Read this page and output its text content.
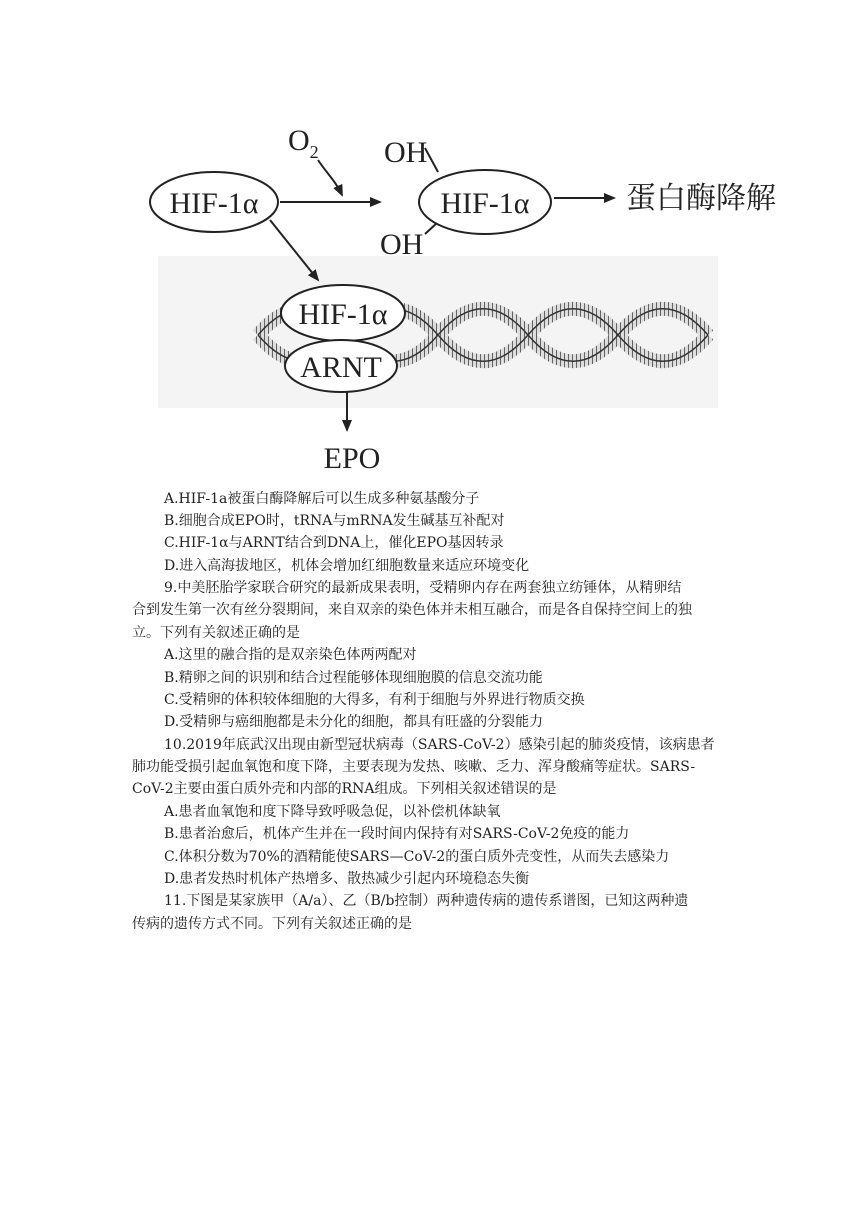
$O_2$
HIF-1α
OH
OH
HIF-1α	蛋白酶降解
HIF-1α
ARNT
EPO
A.HIF-1a被蛋白酶降解后可以生成多种氨基酸分子
B.细胞合成EPO时，tRNA与mRNA发生碱基互补配对
C.HIF-1α与ARNT结合到DNA上，催化EPO基因转录
D.进入高海拔地区，机体会增加红细胞数量来适应环境变化
9.中美胚胎学家联合研究的最新成果表明，受精卵内存在两套独立纺锤体，从精卵结
合到发生第一次有丝分裂期间，来自双亲的染色体并未相互融合，而是各自保持空间上的独
立。下列有关叙述正确的是
A.这里的融合指的是双亲染色体两两配对
B.精卵之间的识别和结合过程能够体现细胞膜的信息交流功能
C.受精卵的体积较体细胞的大得多，有利于细胞与外界进行物质交换
D.受精卵与癌细胞都是未分化的细胞，都具有旺盛的分裂能力
10.2019年底武汉出现由新型冠状病毒（SARS-CoV-2）感染引起的肺炎疫情，该病患者
肺功能受损引起血氧饱和度下降，主要表现为发热、咳嗽、乏力、浑身酸痛等症状。SARS-
CoV-2主要由蛋白质外壳和内部的RNA组成。下列相关叙述错误的是
A.患者血氧饱和度下降导致呼吸急促，以补偿机体缺氧
B.患者治愈后，机体产生并在一段时间内保持有对SARS-CoV-2免疫的能力
C.体积分数为70%的酒精能使SARS—CoV-2的蛋白质外壳变性，从而失去感染力
D.患者发热时机体产热增多、散热减少引起内环境稳态失衡
11.下图是某家族甲（A/a）、乙（B/b控制）两种遗传病的遗传系谱图，已知这两种遗
传病的遗传方式不同。下列有关叙述正确的是
